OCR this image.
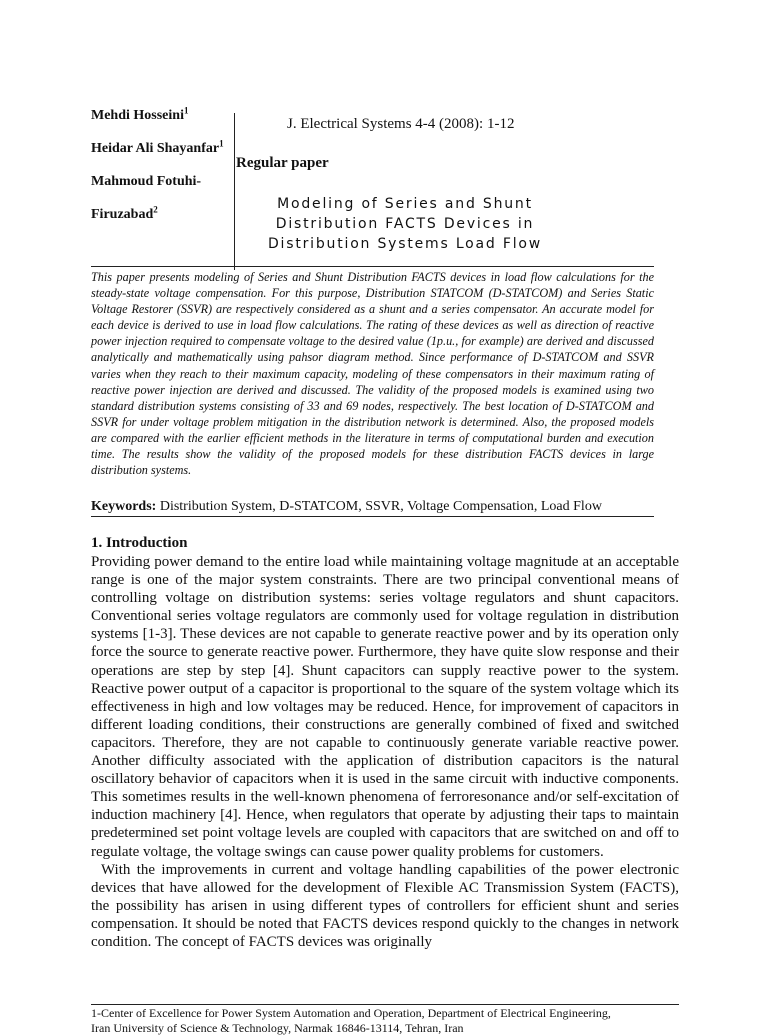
Mehdi Hosseini$^1$
Heidar Ali Shayanfar$^1$
Mahmoud Fotuhi-
Firuzabad$^2$
J. Electrical Systems 4-4 (2008): 1-12
Regular paper
Modeling of Series and Shunt
Distribution FACTS Devices in
Distribution Systems Load Flow
This paper presents modeling of Series and Shunt Distribution FACTS devices in load flow calculations for the steady-state voltage compensation. For this purpose, Distribution STATCOM (D-STATCOM) and Series Static Voltage Restorer (SSVR) are respectively considered as a shunt and a series compensator. An accurate model for each device is derived to use in load flow calculations. The rating of these devices as well as direction of reactive power injection required to compensate voltage to the desired value (1p.u., for example) are derived and discussed analytically and mathematically using pahsor diagram method. Since performance of D-STATCOM and SSVR varies when they reach to their maximum capacity, modeling of these compensators in their maximum rating of reactive power injection are derived and discussed. The validity of the proposed models is examined using two standard distribution systems consisting of 33 and 69 nodes, respectively. The best location of D-STATCOM and SSVR for under voltage problem mitigation in the distribution network is determined. Also, the proposed models are compared with the earlier efficient methods in the literature in terms of computational burden and execution time. The results show the validity of the proposed models for these distribution FACTS devices in large distribution systems.
Keywords: Distribution System, D-STATCOM, SSVR, Voltage Compensation, Load Flow
1. Introduction

Providing power demand to the entire load while maintaining voltage magnitude at an acceptable range is one of the major system constraints. There are two principal conventional means of controlling voltage on distribution systems: series voltage regulators and shunt capacitors. Conventional series voltage regulators are commonly used for voltage regulation in distribution systems [1-3]. These devices are not capable to generate reactive power and by its operation only force the source to generate reactive power. Furthermore, they have quite slow response and their operations are step by step [4]. Shunt capacitors can supply reactive power to the system. Reactive power output of a capacitor is proportional to the square of the system voltage which its effectiveness in high and low voltages may be reduced. Hence, for improvement of capacitors in different loading conditions, their constructions are generally combined of fixed and switched capacitors. Therefore, they are not capable to continuously generate variable reactive power. Another difficulty associated with the application of distribution capacitors is the natural oscillatory behavior of capacitors when it is used in the same circuit with inductive components. This sometimes results in the well-known phenomena of ferroresonance and/or self-excitation of induction machinery [4]. Hence, when regulators that operate by adjusting their taps to maintain predetermined set point voltage levels are coupled with capacitors that are switched on and off to regulate voltage, the voltage swings can cause power quality problems for customers.

With the improvements in current and voltage handling capabilities of the power electronic devices that have allowed for the development of Flexible AC Transmission System (FACTS), the possibility has arisen in using different types of controllers for efficient shunt and series compensation. It should be noted that FACTS devices respond quickly to the changes in network condition. The concept of FACTS devices was originally

1-Center of Excellence for Power System Automation and Operation, Department of Electrical Engineering,
Iran University of Science & Technology, Narmak 16846-13114, Tehran, Iran
